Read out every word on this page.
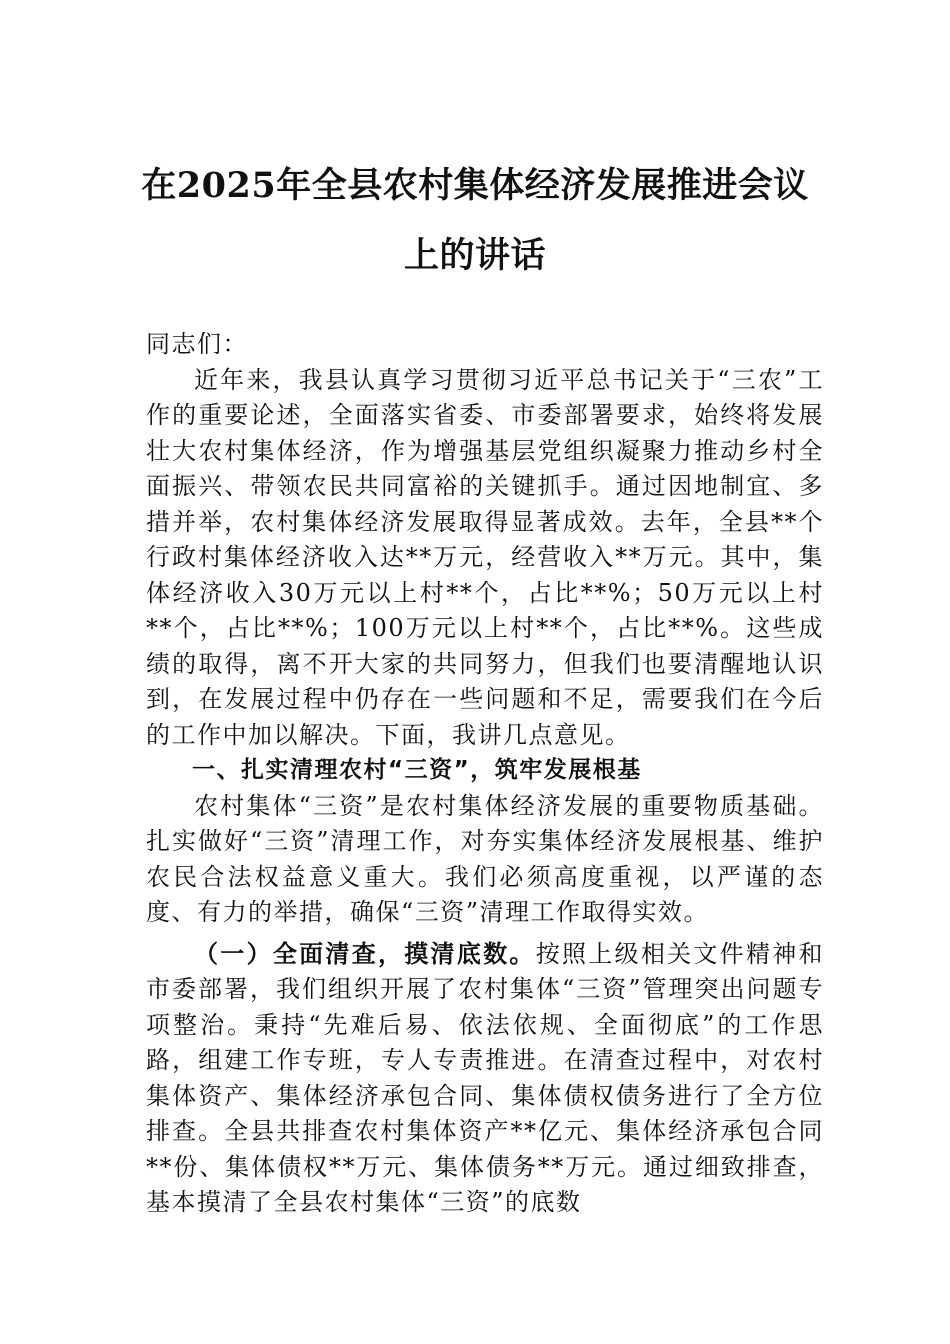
在2025年全县农村集体经济发展推进会议
上的讲话

同志们：

近年来，我县认真学习贯彻习近平总书记关于“三农”工作的重要论述，全面落实省委、市委部署要求，始终将发展壮大农村集体经济，作为增强基层党组织凝聚力推动乡村全面振兴、带领农民共同富裕的关键抓手。通过因地制宜、多措并举，农村集体经济发展取得显著成效。去年，全县**个行政村集体经济收入达**万元，经营收入**万元。其中，集体经济收入30万元以上村**个，占比**%；50万元以上村**个，占比**%；100万元以上村**个，占比**%。这些成绩的取得，离不开大家的共同努力，但我们也要清醒地认识到，在发展过程中仍存在一些问题和不足，需要我们在今后的工作中加以解决。下面，我讲几点意见。

一、扎实清理农村“三资”，筑牢发展根基

农村集体“三资”是农村集体经济发展的重要物质基础。扎实做好“三资”清理工作，对夯实集体经济发展根基、维护农民合法权益意义重大。我们必须高度重视，以严谨的态度、有力的举措，确保“三资”清理工作取得实效。

（一）全面清查，摸清底数。按照上级相关文件精神和市委部署，我们组织开展了农村集体“三资”管理突出问题专项整治。秉持“先难后易、依法依规、全面彻底”的工作思路，组建工作专班，专人专责推进。在清查过程中，对农村集体资产、集体经济承包合同、集体债权债务进行了全方位排查。全县共排查农村集体资产**亿元、集体经济承包合同**份、集体债权**万元、集体债务**万元。通过细致排查，基本摸清了全县农村集体“三资”的底数
